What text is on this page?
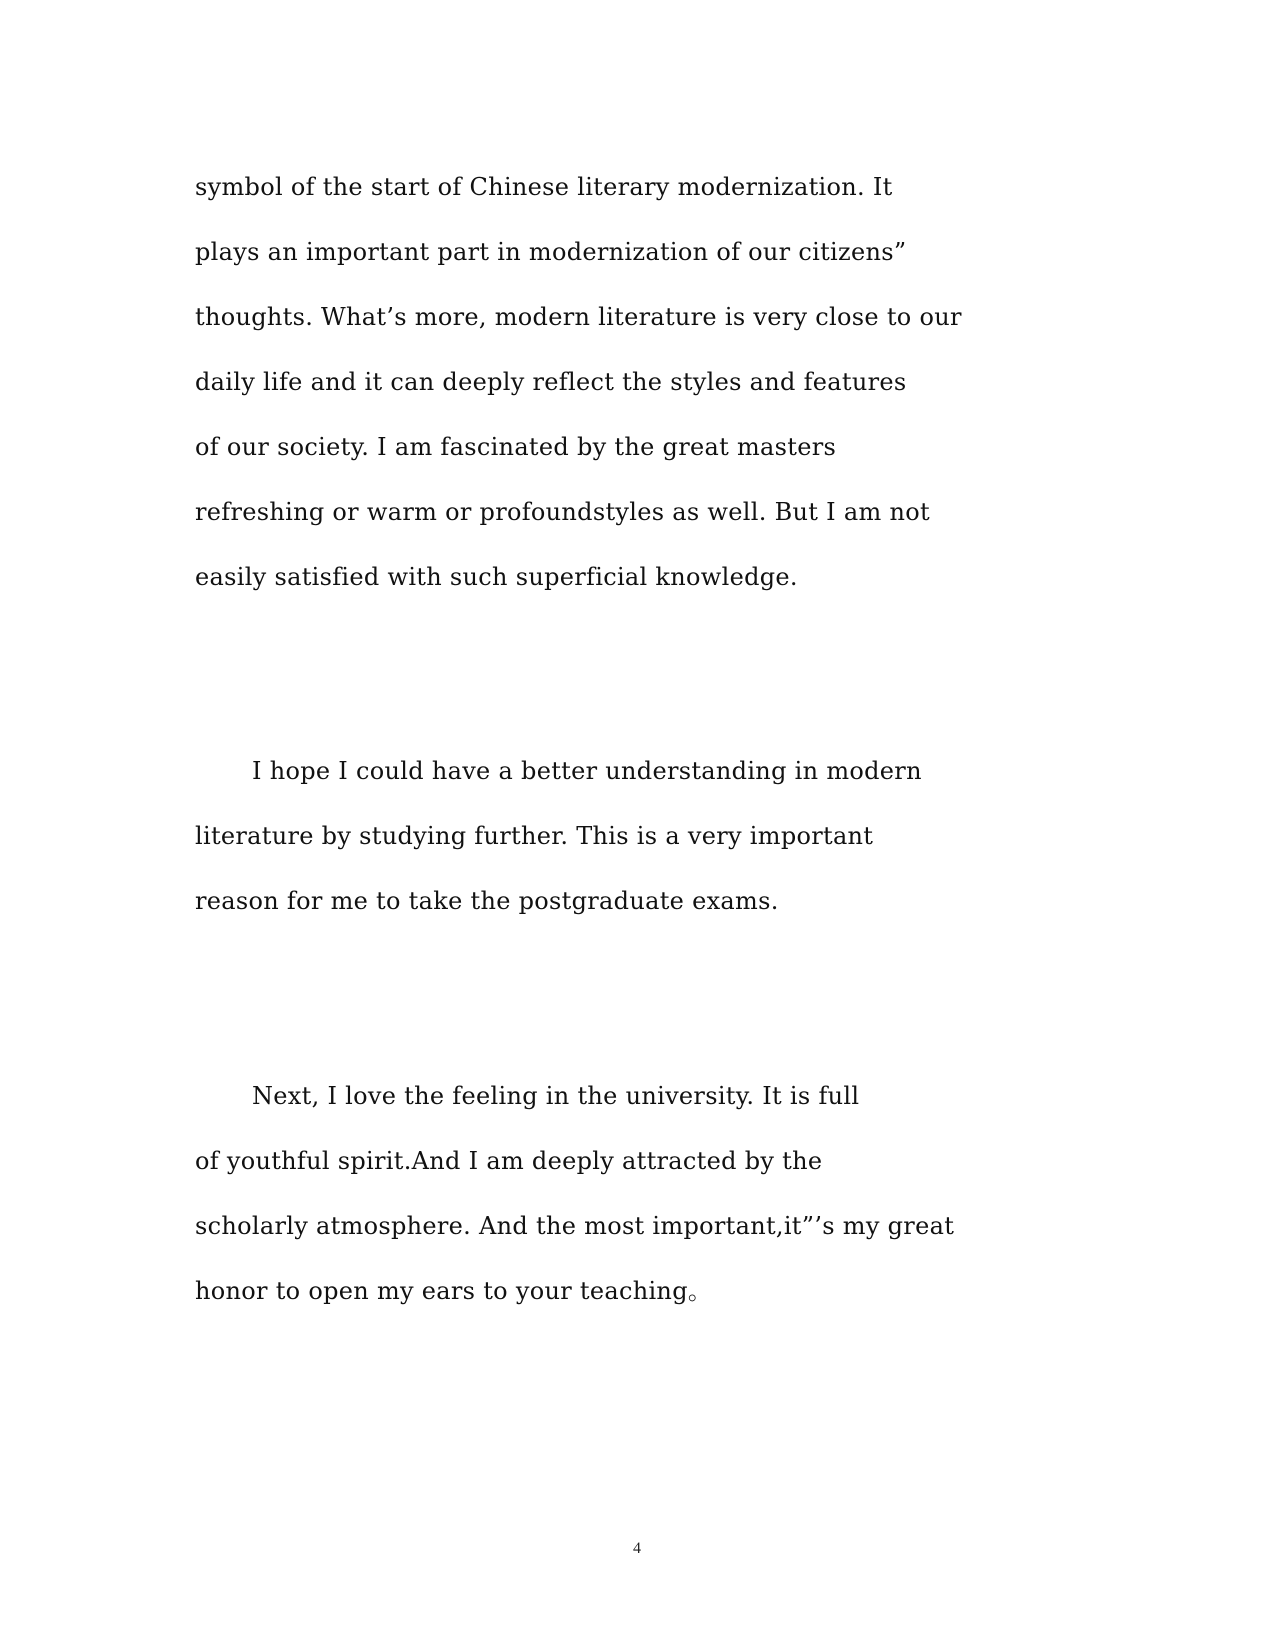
symbol of the start of Chinese literary modernization. It
plays an important part in modernization of our citizens”
thoughts. What’s more, modern literature is very close to our
daily life and it can deeply reflect the styles and features
of our society. I am fascinated by the great masters
refreshing or warm or profoundstyles as well. But I am not
easily satisfied with such superficial knowledge.
I hope I could have a better understanding in modern
literature by studying further. This is a very important
reason for me to take the postgraduate exams.
Next, I love the feeling in the university. It is full
of youthful spirit.And I am deeply attracted by the
scholarly atmosphere. And the most important,it”’s my great
honor to open my ears to your teaching。
4
